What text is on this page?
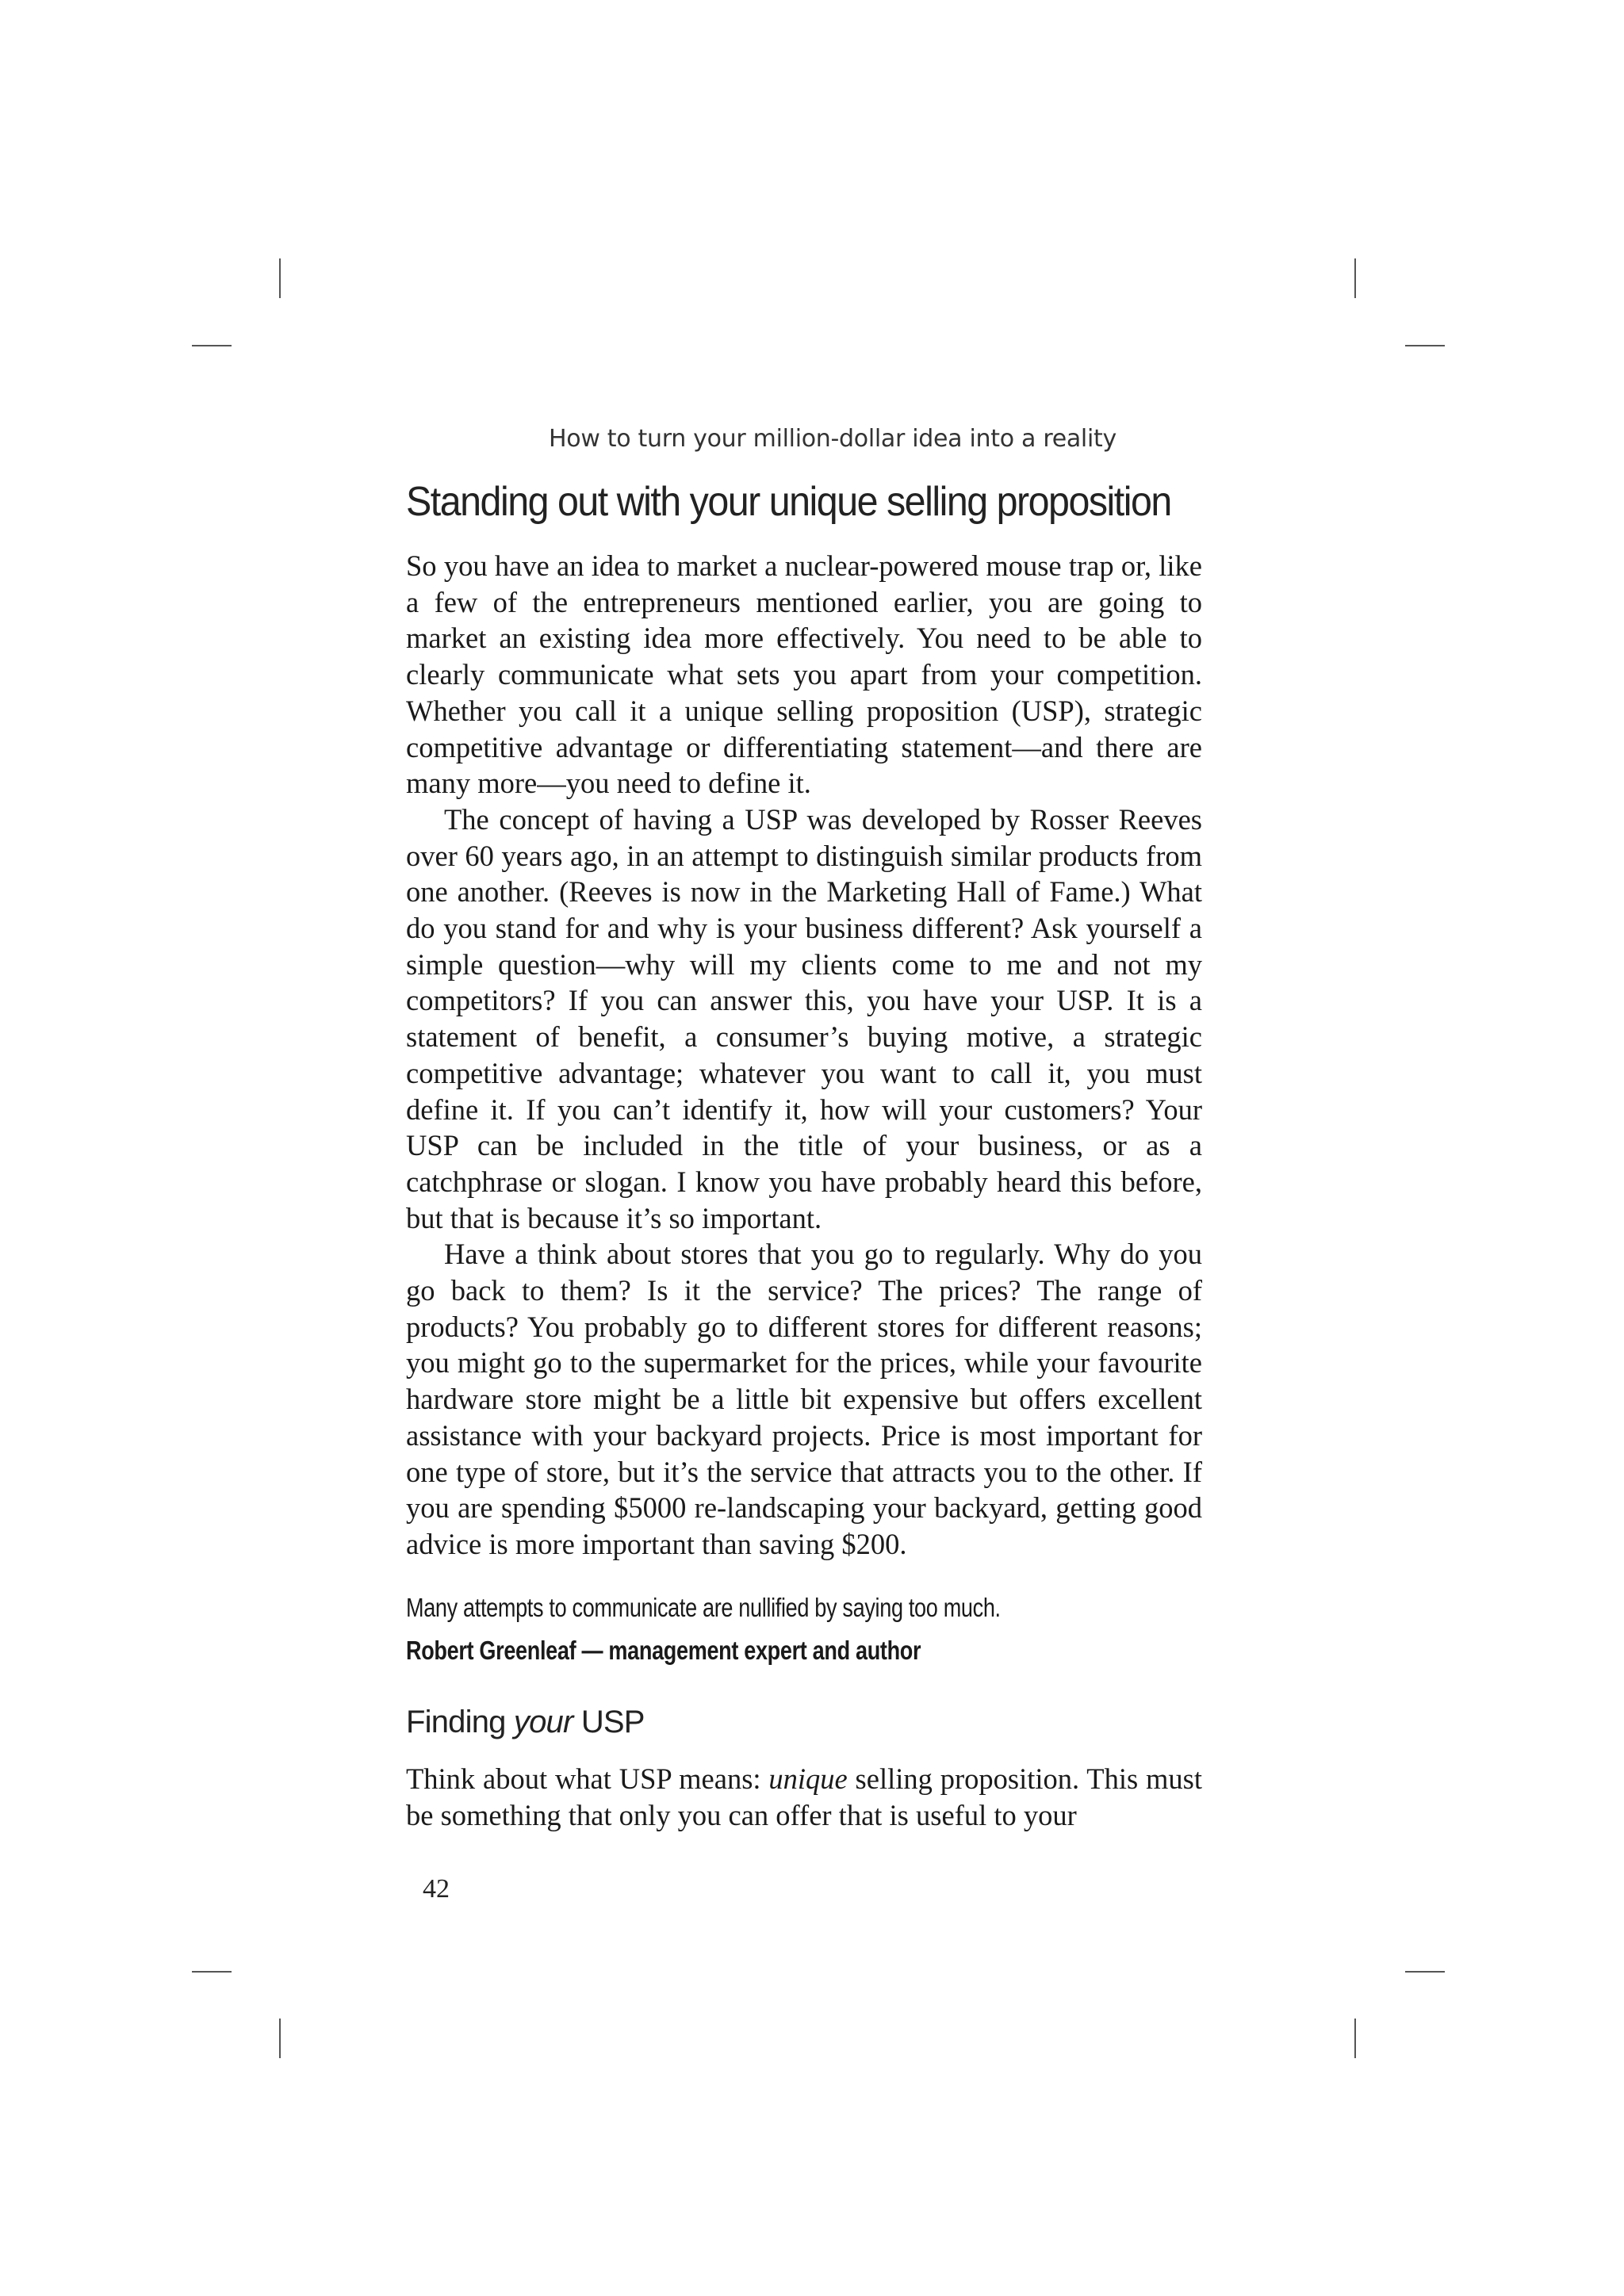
How to turn your million-dollar idea into a reality
Standing out with your unique selling proposition

So you have an idea to market a nuclear-powered mouse trap or, like a few of the entrepreneurs mentioned earlier, you are going to market an existing idea more effectively. You need to be able to clearly communicate what sets you apart from your competition. Whether you call it a unique selling proposition (USP), strategic competitive advantage or differentiating statement—and there are many more—you need to define it.

The concept of having a USP was developed by Rosser Reeves over 60 years ago, in an attempt to distinguish similar products from one another. (Reeves is now in the Marketing Hall of Fame.) What do you stand for and why is your business different? Ask yourself a simple question—why will my clients come to me and not my competitors? If you can answer this, you have your USP. It is a statement of benefit, a consumer’s buying motive, a strategic competitive advantage; whatever you want to call it, you must define it. If you can’t identify it, how will your customers? Your USP can be included in the title of your business, or as a catchphrase or slogan. I know you have probably heard this before, but that is because it’s so important.

Have a think about stores that you go to regularly. Why do you go back to them? Is it the service? The prices? The range of products? You probably go to different stores for different reasons; you might go to the supermarket for the prices, while your favourite hardware store might be a little bit expensive but offers excellent assistance with your backyard projects. Price is most important for one type of store, but it’s the service that attracts you to the other. If you are spending $5000 re-landscaping your backyard, getting good advice is more important than saving $200.

Many attempts to communicate are nullified by saying too much.
Robert Greenleaf — management expert and author
Finding your USP

Think about what USP means: unique selling proposition. This must be something that only you can offer that is useful to your

42
